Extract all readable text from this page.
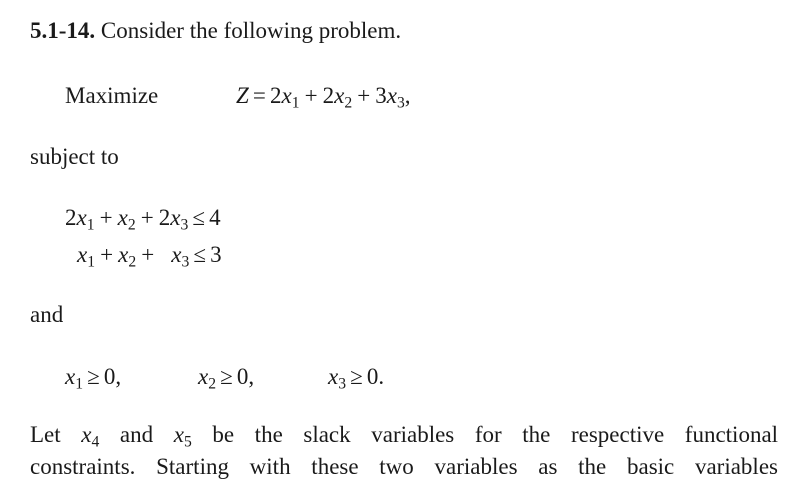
5.1-14. Consider the following problem.
Maximize	$Z = 2x_1 + 2x_2 + 3x_3$,
subject to
$2x_1 + x_2 + 2x_3 \le 4$
$x_1 + x_2 + x_3 \le 3$
and
$x_1 \ge 0$,	$x_2 \ge 0$,	$x_3 \ge 0$.
Let $x_4$ and $x_5$ be the slack variables for the respective functional
constraints. Starting with these two variables as the basic variables
